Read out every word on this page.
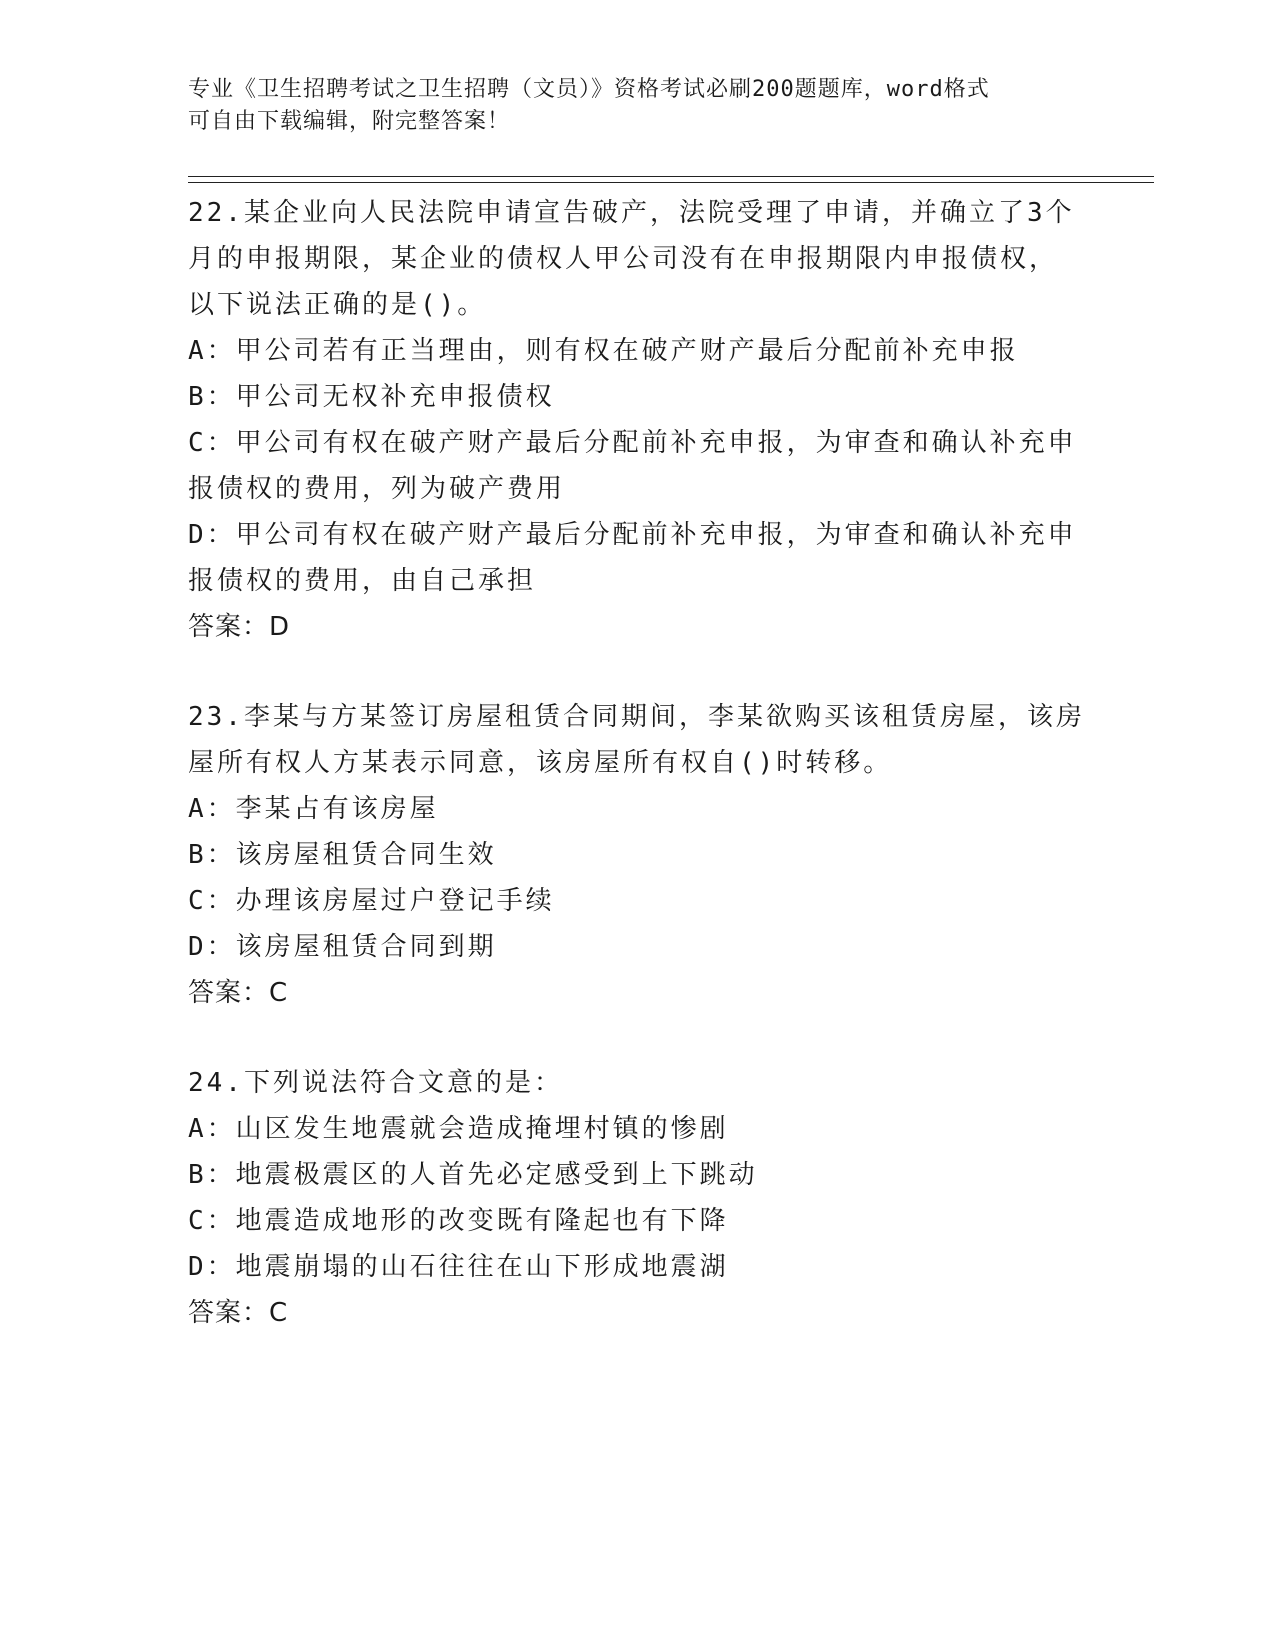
专业《卫生招聘考试之卫生招聘（文员）》资格考试必刷200题题库，word格式
可自由下载编辑，附完整答案！
22.某企业向人民法院申请宣告破产，法院受理了申请，并确立了3个
月的申报期限，某企业的债权人甲公司没有在申报期限内申报债权，
以下说法正确的是()。
A：甲公司若有正当理由，则有权在破产财产最后分配前补充申报
B：甲公司无权补充申报债权
C：甲公司有权在破产财产最后分配前补充申报，为审查和确认补充申
报债权的费用，列为破产费用
D：甲公司有权在破产财产最后分配前补充申报，为审查和确认补充申
报债权的费用，由自己承担
答案：D
23.李某与方某签订房屋租赁合同期间，李某欲购买该租赁房屋，该房
屋所有权人方某表示同意，该房屋所有权自()时转移。
A：李某占有该房屋
B：该房屋租赁合同生效
C：办理该房屋过户登记手续
D：该房屋租赁合同到期
答案：C
24.下列说法符合文意的是：
A：山区发生地震就会造成掩埋村镇的惨剧
B：地震极震区的人首先必定感受到上下跳动
C：地震造成地形的改变既有隆起也有下降
D：地震崩塌的山石往往在山下形成地震湖
答案：C
